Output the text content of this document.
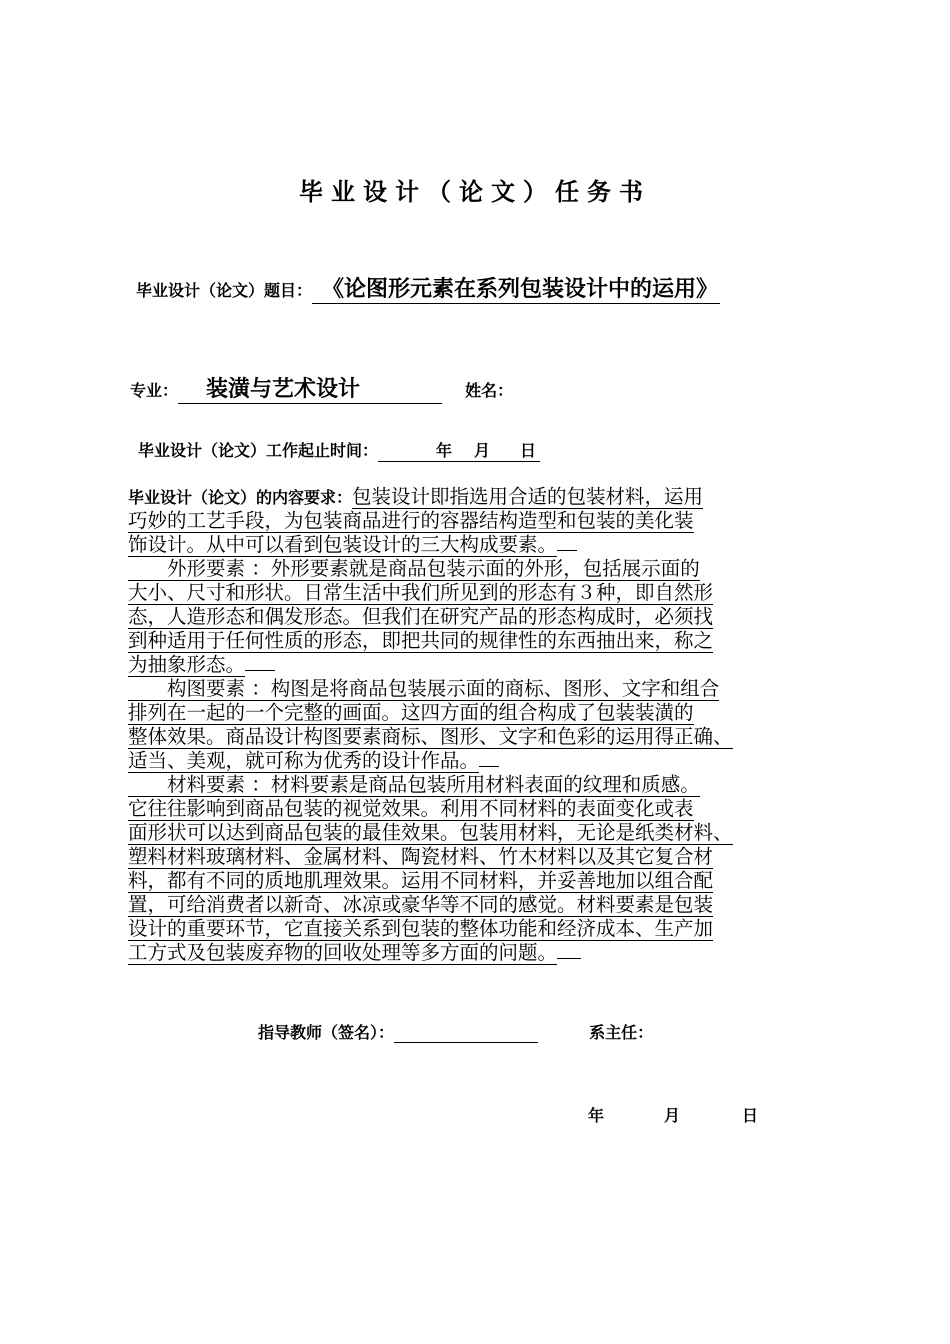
毕业设计（论文）任务书
毕业设计（论文）题目： 《论图形元素在系列包装设计中的运用》
专业： 装潢与艺术设计	姓名：
毕业设计（论文）工作起止时间：	年 月 日
毕业设计（论文）的内容要求：包装设计即指选用合适的包装材料，运用
巧妙的工艺手段，为包装商品进行的容器结构造型和包装的美化装
饰设计。从中可以看到包装设计的三大构成要素。
　　外形要素 ：外形要素就是商品包装示面的外形，包括展示面的
大小、尺寸和形状。日常生活中我们所见到的形态有３种，即自然形
态，人造形态和偶发形态。但我们在研究产品的形态构成时，必须找
到种适用于任何性质的形态，即把共同的规律性的东西抽出来，称之
为抽象形态。
　　构图要素 ：构图是将商品包装展示面的商标、图形、文字和组合
排列在一起的一个完整的画面。这四方面的组合构成了包装装潢的
整体效果。商品设计构图要素商标、图形、文字和色彩的运用得正确、
适当、美观，就可称为优秀的设计作品。
　　材料要素 ：材料要素是商品包装所用材料表面的纹理和质感。
它往往影响到商品包装的视觉效果。利用不同材料的表面变化或表
面形状可以达到商品包装的最佳效果。包装用材料，无论是纸类材料、
塑料材料玻璃材料、金属材料、陶瓷材料、竹木材料以及其它复合材
料，都有不同的质地肌理效果。运用不同材料，并妥善地加以组合配
置，可给消费者以新奇、冰凉或豪华等不同的感觉。材料要素是包装
设计的重要环节，它直接关系到包装的整体功能和经济成本、生产加
工方式及包装废弃物的回收处理等多方面的问题。
指导教师（签名）：	系主任：
年	月	日
